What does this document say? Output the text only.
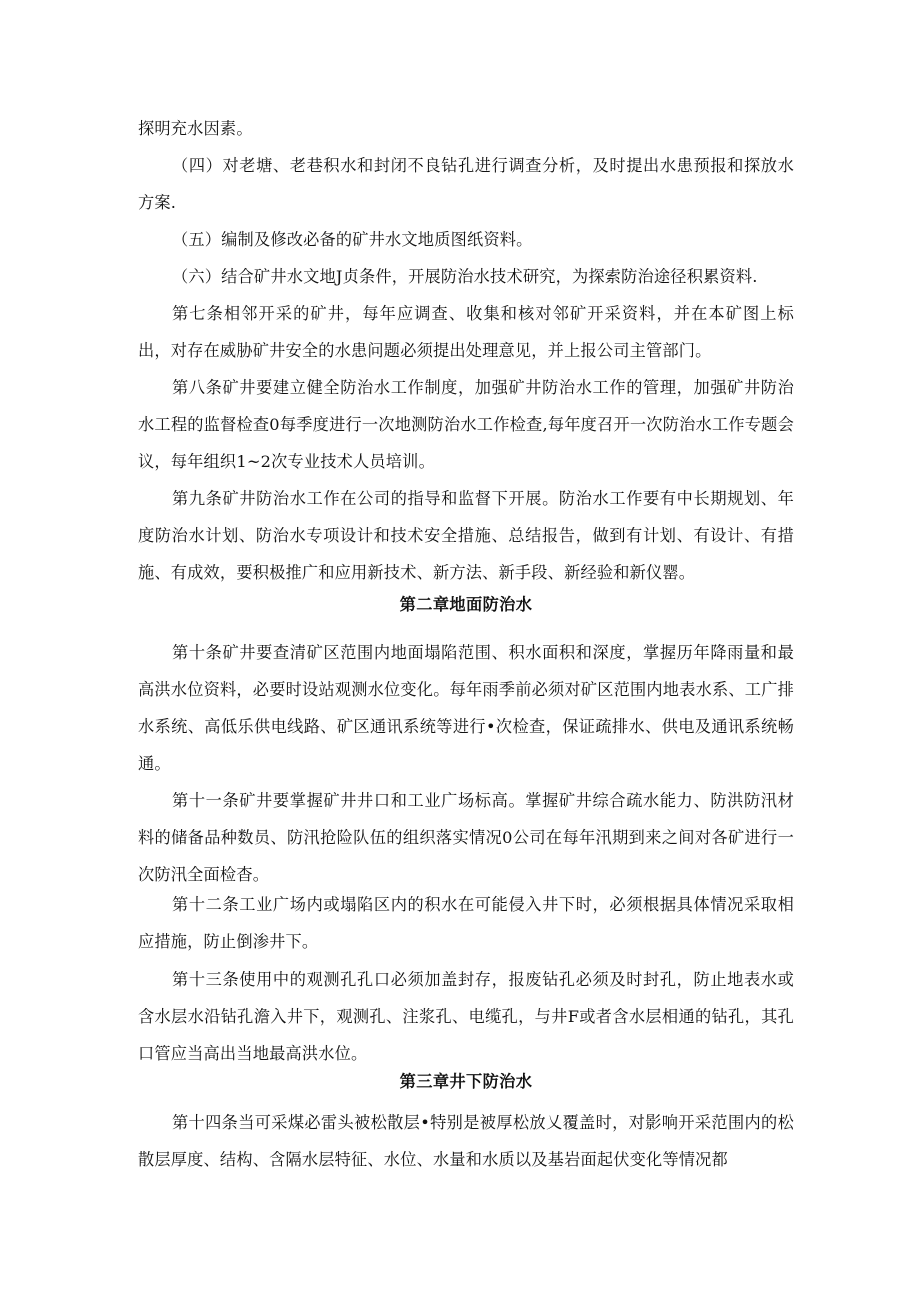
探明充水因素。

（四）对老塘、老巷积水和封闭不良钻孔进行调查分析，及时提出水患预报和探放水方案.

（五）编制及修改必备的矿井水文地质图纸资料。

（六）结合矿井水文地J贞条件，开展防治水技术研究，为探索防治途径积累资料.

第七条相邻开采的矿井，每年应调查、收集和核对邻矿开采资料，并在本矿图上标出，对存在威胁矿井安全的水患问题必须提出处理意见，并上报公司主管部门。

第八条矿井要建立健全防治水工作制度，加强矿井防治水工作的管理，加强矿井防治水工程的监督检查0每季度进行一次地测防治水工作检查,每年度召开一次防治水工作专题会议，每年组织1~2次专业技术人员培训。

第九条矿井防治水工作在公司的指导和监督下开展。防治水工作要有中长期规划、年度防治水计划、防治水专项设计和技术安全措施、总结报告，做到有计划、有设计、有措施、有成效，要积极推广和应用新技术、新方法、新手段、新经验和新仪罂。

第二章地面防治水

第十条矿井要查清矿区范围内地面塌陷范围、积水面积和深度，掌握历年降雨量和最高洪水位资料，必要时设站观测水位变化。每年雨季前必须对矿区范围内地表水系、工广排水系统、高低乐供电线路、矿区通讯系统等进行•次检查，保证疏排水、供电及通讯系统畅通。

第十一条矿井要掌握矿井井口和工业广场标高。掌握矿井综合疏水能力、防洪防汛材料的储备品种数员、防汛抢险队伍的组织落实情况0公司在每年汛期到来之间对各矿进行一次防汛全面检杳。

第十二条工业广场内或塌陷区内的积水在可能侵入井下时，必须根据具体情况采取相应措施，防止倒渗井下。

第十三条使用中的观测孔孔口必须加盖封存，报废钻孔必须及时封孔，防止地表水或含水层水沿钻孔澹入井下，观测孔、注浆孔、电缆孔，与井F或者含水层相通的钻孔，其孔口管应当高出当地最高洪水位。

第三章井下防治水

第十四条当可采煤必雷头被松散层•特别是被厚松放乂覆盖时，对影响开采范围内的松散层厚度、结构、含隔水层特征、水位、水量和水质以及基岩面起伏变化等情况都
